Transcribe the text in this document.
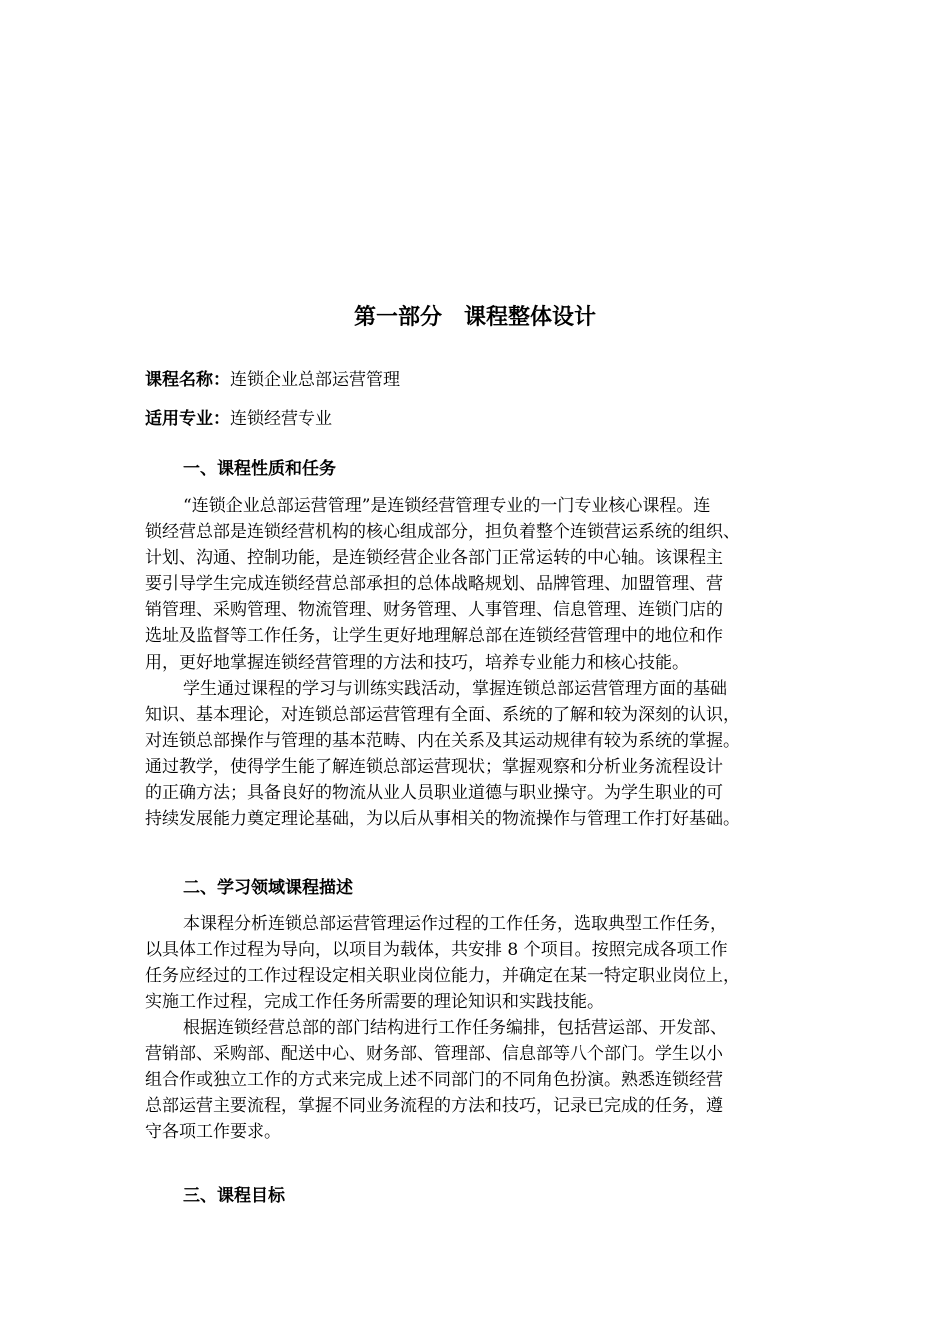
第一部分　课程整体设计

课程名称：连锁企业总部运营管理

适用专业：连锁经营专业

一、课程性质和任务

“连锁企业总部运营管理”是连锁经营管理专业的一门专业核心课程。连
锁经营总部是连锁经营机构的核心组成部分，担负着整个连锁营运系统的组织、
计划、沟通、控制功能，是连锁经营企业各部门正常运转的中心轴。该课程主
要引导学生完成连锁经营总部承担的总体战略规划、品牌管理、加盟管理、营
销管理、采购管理、物流管理、财务管理、人事管理、信息管理、连锁门店的
选址及监督等工作任务，让学生更好地理解总部在连锁经营管理中的地位和作
用，更好地掌握连锁经营管理的方法和技巧，培养专业能力和核心技能。

学生通过课程的学习与训练实践活动，掌握连锁总部运营管理方面的基础
知识、基本理论，对连锁总部运营管理有全面、系统的了解和较为深刻的认识，
对连锁总部操作与管理的基本范畴、内在关系及其运动规律有较为系统的掌握。
通过教学，使得学生能了解连锁总部运营现状；掌握观察和分析业务流程设计
的正确方法；具备良好的物流从业人员职业道德与职业操守。为学生职业的可
持续发展能力奠定理论基础，为以后从事相关的物流操作与管理工作打好基础。

二、学习领域课程描述

本课程分析连锁总部运营管理运作过程的工作任务，选取典型工作任务，
以具体工作过程为导向，以项目为载体，共安排 8 个项目。按照完成各项工作
任务应经过的工作过程设定相关职业岗位能力，并确定在某一特定职业岗位上，
实施工作过程，完成工作任务所需要的理论知识和实践技能。

根据连锁经营总部的部门结构进行工作任务编排，包括营运部、开发部、
营销部、采购部、配送中心、财务部、管理部、信息部等八个部门。学生以小
组合作或独立工作的方式来完成上述不同部门的不同角色扮演。熟悉连锁经营
总部运营主要流程，掌握不同业务流程的方法和技巧，记录已完成的任务，遵
守各项工作要求。

三、课程目标
